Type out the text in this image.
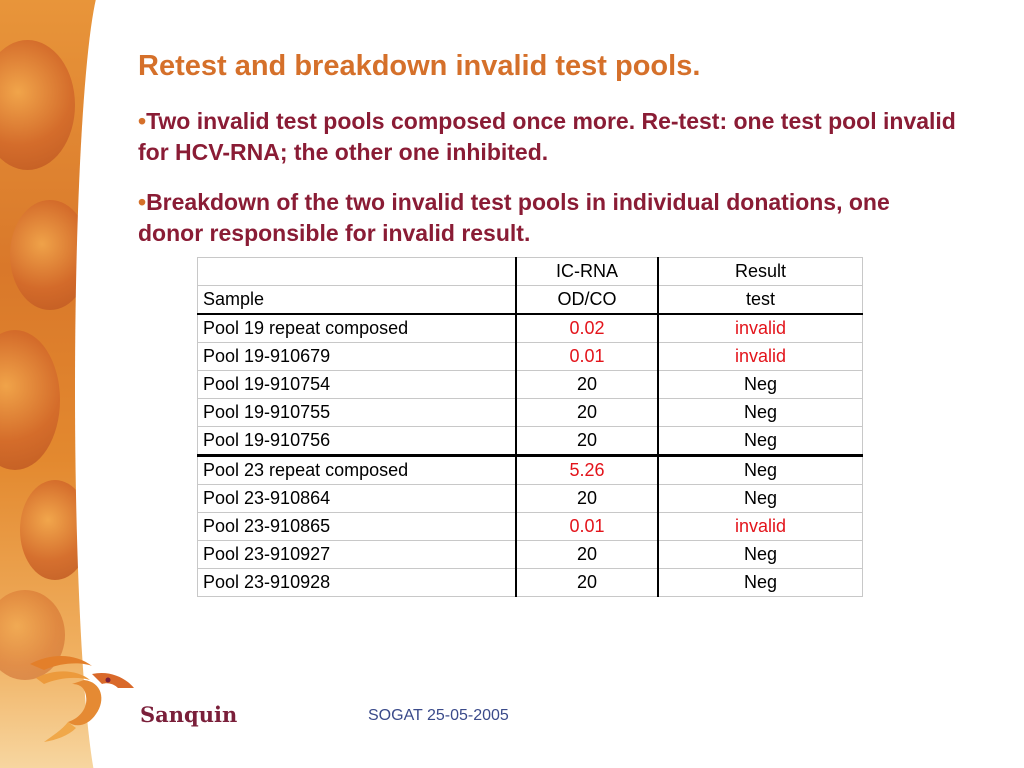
Retest and breakdown invalid test pools.

•Two invalid test pools composed once more. Re-test: one test pool invalid for HCV-RNA; the other one inhibited.

•Breakdown of the two invalid test pools in individual donations, one donor responsible for invalid result.

	IC-RNA	Result
Sample	OD/CO	test
Pool 19 repeat composed	0.02	invalid
Pool 19-910679	0.01	invalid
Pool 19-910754	20	Neg
Pool 19-910755	20	Neg
Pool 19-910756	20	Neg
Pool 23 repeat composed	5.26	Neg
Pool 23-910864	20	Neg
Pool 23-910865	0.01	invalid
Pool 23-910927	20	Neg
Pool 23-910928	20	Neg
Sanquin	SOGAT 25-05-2005
